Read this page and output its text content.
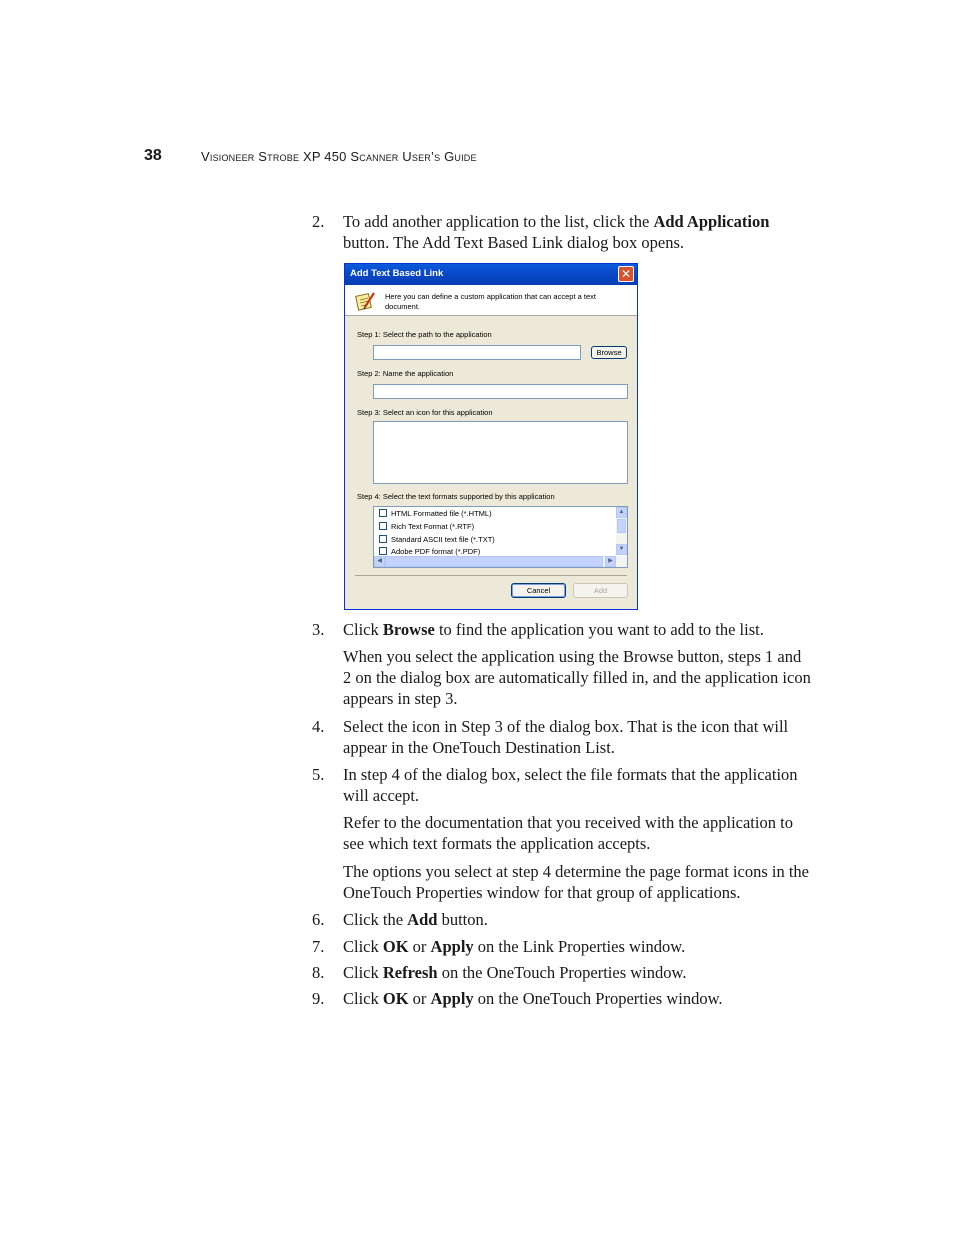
38	Visioneer Strobe XP 450 Scanner User’s Guide
2.	To add another application to the list, click the Add Application button. The Add Text Based Link dialog box opens.
Add Text Based Link	✕
Here you can define a custom application that can accept a text document.
Step 1: Select the path to the application
Browse
Step 2: Name the application
Step 3: Select an icon for this application
Step 4: Select the text formats supported by this application
HTML Formatted file (*.HTML)
Rich Text Format (*.RTF)
Standard ASCII text file (*.TXT)
Adobe PDF format (*.PDF)
▲
▼
◀	▶
Cancel	Add
3.	Click Browse to find the application you want to add to the list.
When you select the application using the Browse button, steps 1 and 2 on the dialog box are automatically filled in, and the application icon appears in step 3.
4.	Select the icon in Step 3 of the dialog box. That is the icon that will appear in the OneTouch Destination List.
5.	In step 4 of the dialog box, select the file formats that the application will accept.
Refer to the documentation that you received with the application to see which text formats the application accepts.
The options you select at step 4 determine the page format icons in the OneTouch Properties window for that group of applications.
6.	Click the Add button.
7.	Click OK or Apply on the Link Properties window.
8.	Click Refresh on the OneTouch Properties window.
9.	Click OK or Apply on the OneTouch Properties window.
